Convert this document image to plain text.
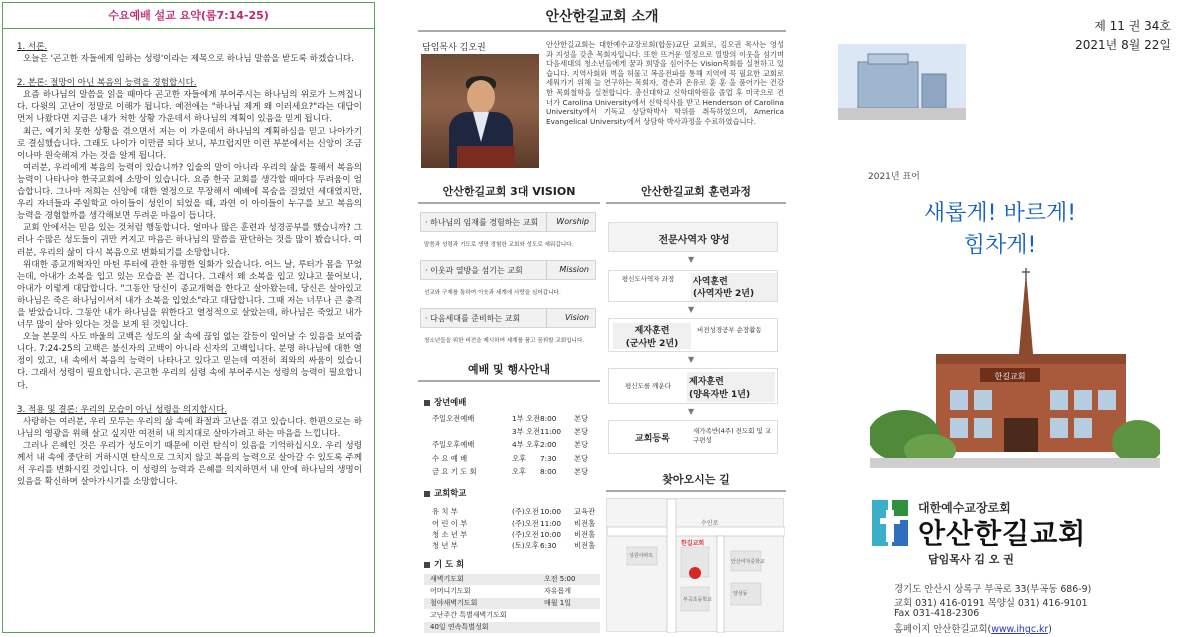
수요예배 설교 요약(롬7:14-25)
1. 서론.

오늘은 '곤고한 자들에게 임하는 성령'이라는 제목으로 하나님 말씀을 받도록 하겠습니다.

2. 본론: 절망이 아닌 복음의 능력을 경험합시다.

요즘 하나님의 말씀을 읽을 때마다 곤고한 자들에게 부어주시는 하나님의 위로가 느껴집니다. 다윗의 고난이 정말로 이해가 됩니다. 예전에는 "하나님 제게 왜 이러세요?"라는 대답이 먼저 나왔다면 지금은 내가 처한 상황 가운데서 하나님의 계획이 있음을 믿게 됩니다.

최근, 예기치 못한 상황을 겪으면서 저는 이 가운데서 하나님의 계획하심을 믿고 나아가기로 결심했습니다. 그래도 나이가 이만큼 되다 보니, 부끄럽지만 이런 부분에서는 신앙이 조금이나마 원숙해져 가는 것을 알게 됩니다.

여러분, 우리에게 복음의 능력이 있습니까? 입술의 말이 아니라 우리의 삶을 통해서 복음의 능력이 나타나야 한국교회에 소망이 있습니다. 요즘 한국 교회를 생각할 때마다 두려움이 엄습합니다. 그나마 저희는 신앙에 대한 열정으로 무장해서 예배에 목숨을 걸었던 세대였지만, 우리 자녀들과 주일학교 아이들이 성인이 되었을 때, 과연 이 아이들이 누구를 보고 복음의 능력을 경험할까를 생각해보면 두려운 마음이 듭니다.

교회 안에서는 믿음 있는 것처럼 행동합니다. 얼마나 많은 훈련과 성경공부를 했습니까? 그러나 수많은 성도들이 귀만 커지고 마음은 하나님의 말씀을 판단하는 것을 많이 봤습니다. 여러분, 우리의 삶이 다시 복음으로 변화되기를 소망합니다.

위대한 종교개혁자인 마틴 루터에 관한 유명한 일화가 있습니다. 어느 날, 루터가 몸을 꾸었는데, 아내가 소복을 입고 있는 모습을 본 겁니다. 그래서 왜 소복을 입고 있냐고 물어보니, 아내가 이렇게 대답합니다. "그동안 당신이 종교개혁을 한다고 살아왔는데, 당신은 살아있고 하나님은 죽은 하나님이셔서 내가 소복을 입었소"라고 대답합니다. 그때 저는 너무나 큰 충격을 받았습니다. 그동안 내가 하나님을 위한다고 열정적으로 살았는데, 하나님은 죽었고 내가 너무 많이 살아 있다는 것을 보게 된 것입니다.

오늘 본문의 사도 바울의 고백은 성도의 삶 속에 끊임 없는 갈등이 일어날 수 있음을 보여줍니다. 7:24-25의 고백은 불신자의 고백이 아니라 신자의 고백입니다. 분명 하나님에 대한 열정이 있고, 내 속에서 복음의 능력이 나타나고 있다고 믿는데 여전히 죄와의 싸움이 있습니다. 그래서 성령이 필요합니다. 곤고한 우리의 심령 속에 부어주시는 성령의 능력이 필요합니다.

3. 적용 및 결론: 우리의 모습이 아닌 성령을 의지합시다.

사랑하는 여러분, 우리 모두는 우리의 삶 속에 좌절과 고난을 겪고 있습니다. 한편으로는 하나님의 영광을 위해 살고 싶지만 여전히 내 의지대로 살아가려고 하는 마음을 느낍니다.

그러나 은혜인 것은 우리가 성도이기 때문에 이런 탄식이 있음을 기억하십시오. 우리 성령께서 내 속에 중단히 거하시면 탄식으로 그치지 않고 복음의 능력으로 살아갈 수 있도록 주께서 우리를 변화시킬 것입니다. 이 성령의 능력과 은혜를 의지하면서 내 안에 하나님의 생명이 있음을 확신하며 살아가시기를 소망합니다.

안산한길교회 소개
담임목사 김오권	안산한길교회는 대한예수교장로회(합동)교단 교회로, 김오권 목사는 영성과 지성을 갖춘 목회자입니다. 또한 뜨거운 열정으로 열방의 이웃을 섬기며 다음세대의 청소년들에게 꿈과 희망을 심어주는 Vision목회를 실천하고 있습니다. 지역사회와 벽을 허물고 복음전파를 통해 지역에 꼭 필요한 교회로 세워가기 위해 늘 연구하는 목회자, 겸손과 온유로 훈 훈 을 품어가는 건강한 목회철학을 실천합니다. 총신대학교 신학대학원을 졸업 후 미국으로 건너가 Carolina University에서 신학석사를 받고 Henderson of Carolina University에서 기독교 상담학박사 학위를 취득하였으며, America Evangelical University에서 상담학 박사과정을 수료하였습니다.
안산한길교회 3대 VISION
· 하나님의 임재를 경험하는 교회 Worship
말씀과 성령과 기도로 생명 경험한 교회와 성도로 세워갑니다.
· 이웃과 열방을 섬기는 교회	Mission
선교와 구제를 통하여 이웃과 세계에 사랑을 심어갑니다.
· 다음세대를 준비하는 교회	Vision
청소년들을 위한 비전을 제시하여 세계를 품고 꿈꿔할 교회입니다.
예배 및 행사안내
장년예배
주일오전예배	1부 오전 8:00 본당
3부 오전 11:00 본당
주일오후예배	4부 오후 2:00 본당
수 요 예 배	오후 7:30 본당
금 요 기 도 회	오후 8:00 본당
교회학교
유 치 부	(주)오전 10:00 교육관
어 린 이 부	(주)오전 11:00 비전홀
청 소 년 부	(주)오전 10:00 비전홀
청 년 부	(토)오후 6:30 비전홀
기 도 회
새벽기도회	오전 5:00
어머니기도회	자유롭게
철야새벽기도회	매월 1일
고난주간 특별새벽기도회
40일 연속특별성회
안산한길교회 훈련과정
전문사역자 양성
▼
평신도사역자 과정	사역훈련
(사역자반 2년)
▼
제자훈련
(군사반 2년)
비전성경공부 순장활동
▼
평신도를 깨운다	제자훈련
(양육자반 1년)
▼
교회등록
새가족반(4주) 전도회 및 교구편성
찾아오시는 길
수인로
한길교회
성원아파트
안산여자중학교
양상동
부곡초등학교
제 11 권 34호
2021년 8월 22일
2021년 표어
새롭게! 바르게!
힘차게!
한길교회
대한예수교장로회
안산한길교회
담임목사 김 오 권
경기도 안산시 상록구 부곡로 33(부곡동 686-9)
교회 031) 416-0191 목양실 031) 416-9101
Fax 031-418-2306
홈페이지 안산한길교회(www.ihgc.kr)
